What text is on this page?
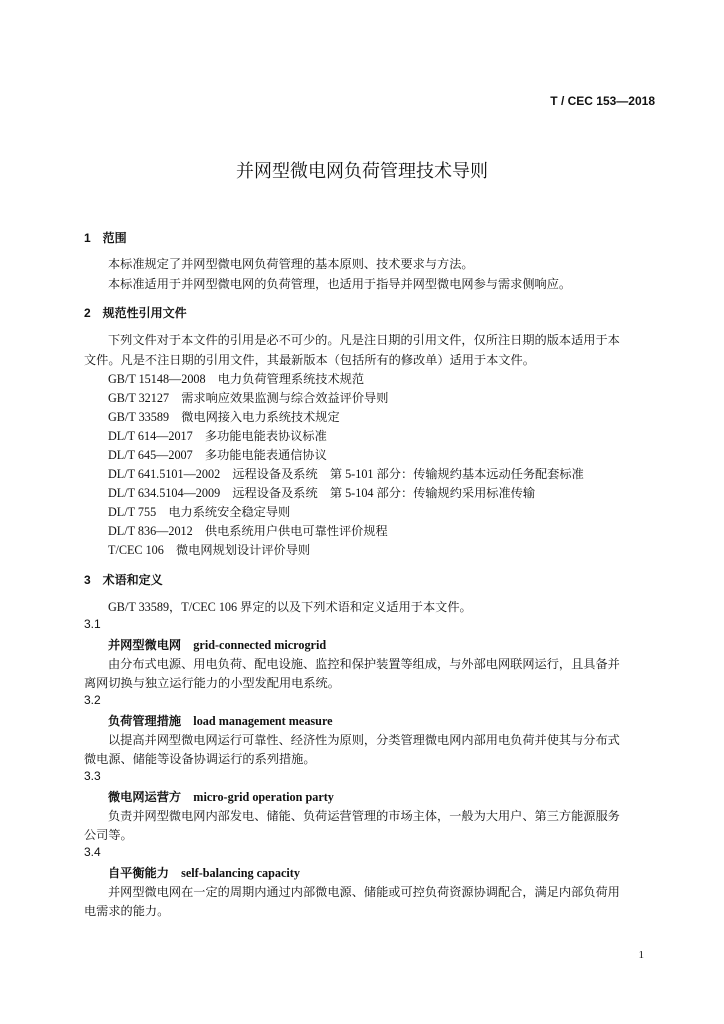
T / CEC 153—2018
并网型微电网负荷管理技术导则
1　范围
本标准规定了并网型微电网负荷管理的基本原则、技术要求与方法。
本标准适用于并网型微电网的负荷管理，也适用于指导并网型微电网参与需求侧响应。
2　规范性引用文件
下列文件对于本文件的引用是必不可少的。凡是注日期的引用文件，仅所注日期的版本适用于本
文件。凡是不注日期的引用文件，其最新版本（包括所有的修改单）适用于本文件。
GB/T 15148—2008　电力负荷管理系统技术规范
GB/T 32127　需求响应效果监测与综合效益评价导则
GB/T 33589　微电网接入电力系统技术规定
DL/T 614—2017　多功能电能表协议标准
DL/T 645—2007　多功能电能表通信协议
DL/T 641.5101—2002　远程设备及系统　第 5-101 部分：传输规约基本远动任务配套标准
DL/T 634.5104—2009　远程设备及系统　第 5-104 部分：传输规约采用标准传输
DL/T 755　电力系统安全稳定导则
DL/T 836—2012　供电系统用户供电可靠性评价规程
T/CEC 106　微电网规划设计评价导则
3　术语和定义
GB/T 33589，T/CEC 106 界定的以及下列术语和定义适用于本文件。
3.1
并网型微电网　grid-connected microgrid
由分布式电源、用电负荷、配电设施、监控和保护装置等组成，与外部电网联网运行，且具备并
离网切换与独立运行能力的小型发配用电系统。
3.2
负荷管理措施　load management measure
以提高并网型微电网运行可靠性、经济性为原则，分类管理微电网内部用电负荷并使其与分布式
微电源、储能等设备协调运行的系列措施。
3.3
微电网运营方　micro-grid operation party
负责并网型微电网内部发电、储能、负荷运营管理的市场主体，一般为大用户、第三方能源服务
公司等。
3.4
自平衡能力　self-balancing capacity
并网型微电网在一定的周期内通过内部微电源、储能或可控负荷资源协调配合，满足内部负荷用
电需求的能力。
1
